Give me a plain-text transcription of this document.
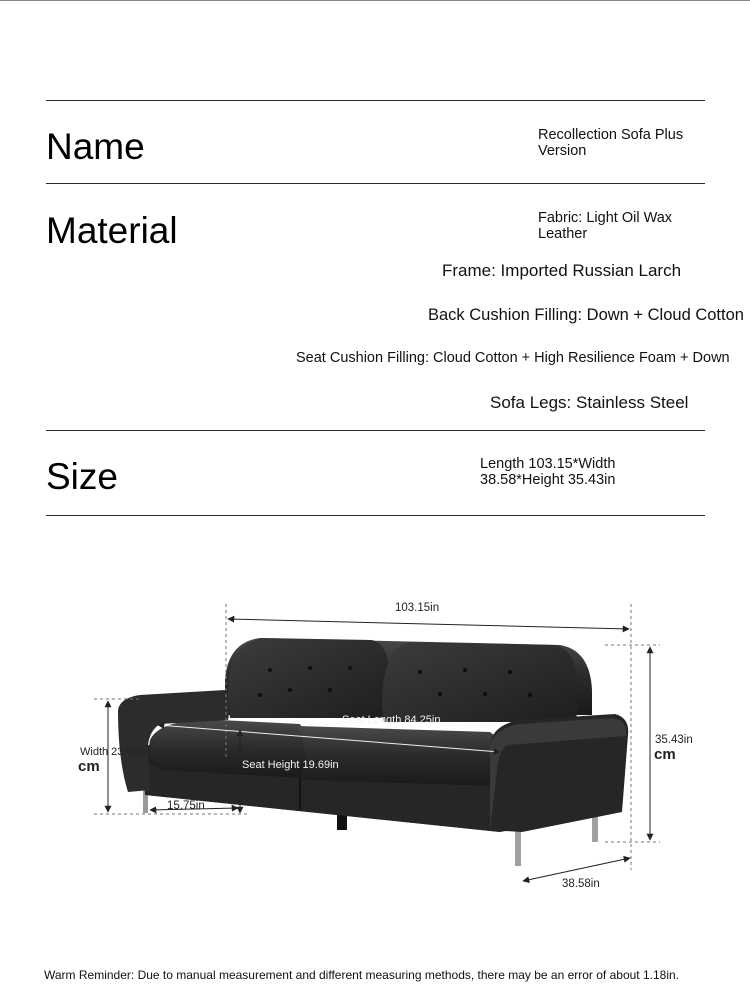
Name	Recollection Sofa Plus Version
Material	Fabric: Light Oil Wax Leather
Frame: Imported Russian Larch
Back Cushion Filling: Down + Cloud Cotton
Seat Cushion Filling: Cloud Cotton + High Resilience Foam + Down
Sofa Legs: Stainless Steel
Size	Length 103.15*Width 38.58*Height 35.43in
103.15in
Seat Length 84.25in
Seat Height 19.69in
Width 23.62in
cm
15.75in
35.43in
cm
38.58in
Warm Reminder: Due to manual measurement and different measuring methods, there may be an error of about 1.18in.
